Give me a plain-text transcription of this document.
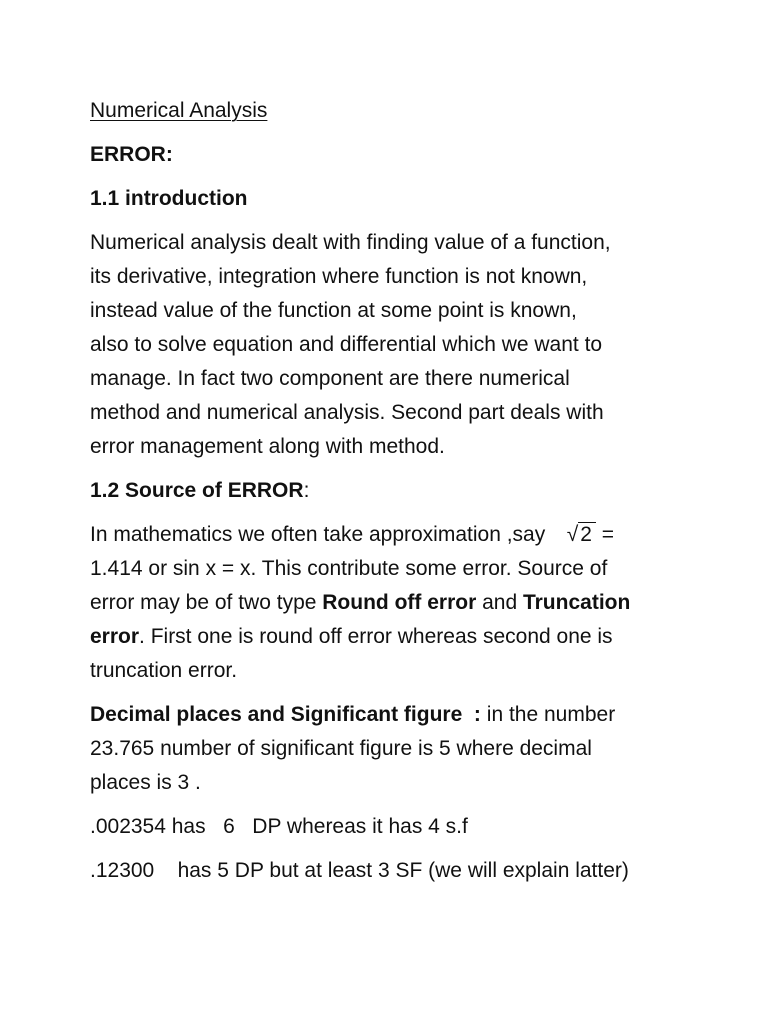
Numerical Analysis
ERROR:
1.1 introduction
Numerical analysis dealt with finding value of a function,
its derivative, integration where function is not known,
instead value of the function at some point is known,
also to solve equation and differential which we want to
manage. In fact two component are there numerical
method and numerical analysis. Second part deals with
error management along with method.
1.2 Source of ERROR:
In mathematics we often take approximation ,say   √2 =
1.414 or sin x = x. This contribute some error. Source of
error may be of two type Round off error and Truncation
error. First one is round off error whereas second one is
truncation error.
Decimal places and Significant figure  : in the number
23.765 number of significant figure is 5 where decimal
places is 3 .
.002354 has   6   DP whereas it has 4 s.f
.12300    has 5 DP but at least 3 SF (we will explain latter)
